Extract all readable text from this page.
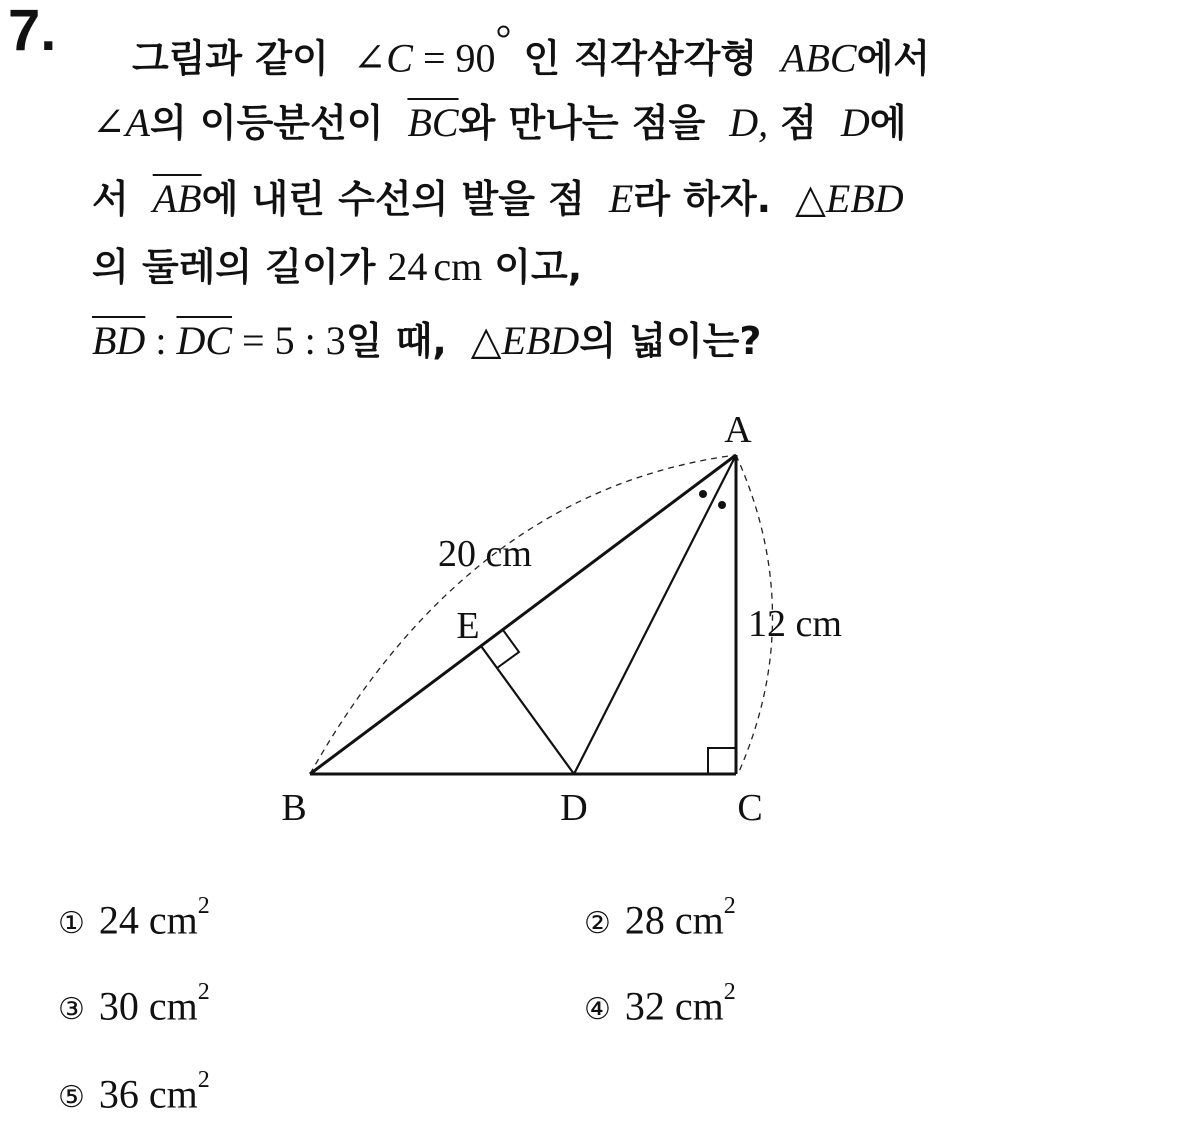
7. 그림과 같이 ∠C = 90° 인 직각삼각형 ABC에서
∠A의 이등분선이 $\overline{BC}$와 만나는 점을 D, 점 D에
서 $\overline{AB}$에 내린 수선의 발을 점 E라 하자. △EBD
의 둘레의 길이가 24 cm 이고,
$\overline{BD}$ : $\overline{DC} = 5$ : 3일 때, △EBD의 넓이는?
A
B	C
D
E
20 cm
12 cm
① 24 $cm^2$
② 28 $cm^2$
③ 30 $cm^2$
④ 32 $cm^2$
⑤ 36 $cm^2$
